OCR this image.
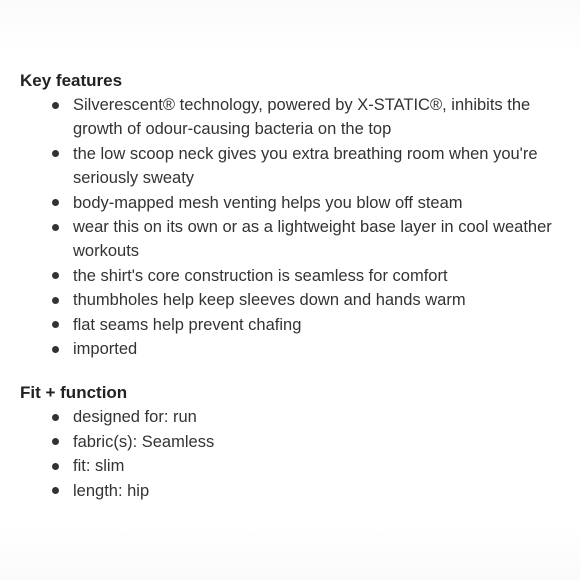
Key features
Silverescent® technology, powered by X-STATIC®, inhibits the growth of odour-causing bacteria on the top
the low scoop neck gives you extra breathing room when you're seriously sweaty
body-mapped mesh venting helps you blow off steam
wear this on its own or as a lightweight base layer in cool weather workouts
the shirt's core construction is seamless for comfort
thumbholes help keep sleeves down and hands warm
flat seams help prevent chafing
imported
Fit + function
designed for: run
fabric(s): Seamless
fit: slim
length: hip
